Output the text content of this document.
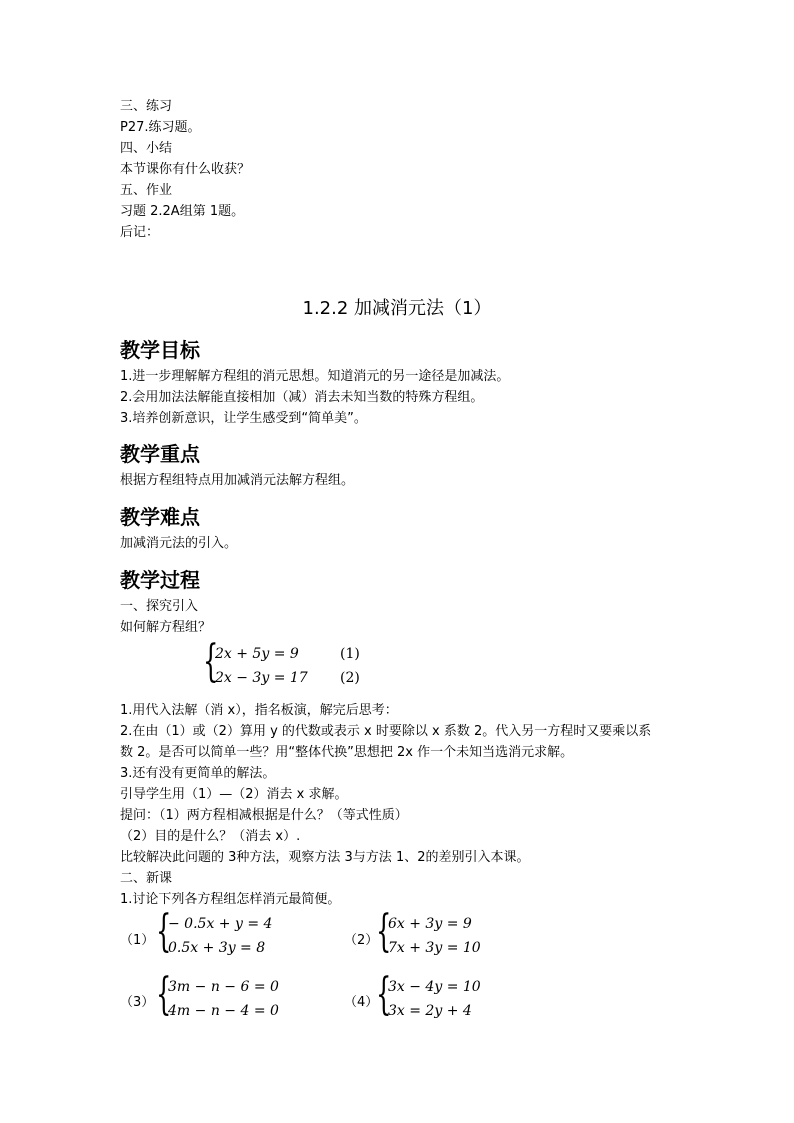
三、练习
P27.练习题。
四、小结
本节课你有什么收获？
五、作业
习题 2.2A组第 1题。
后记：
1.2.2 加减消元法（1）
教学目标
1.进一步理解解方程组的消元思想。知道消元的另一途径是加减法。
2.会用加法法解能直接相加（减）消去未知当数的特殊方程组。
3.培养创新意识，让学生感受到“简单美”。
教学重点
根据方程组特点用加减消元法解方程组。
教学难点
加减消元法的引入。
教学过程
一、探究引入
如何解方程组？
{
2x + 5y = 9
2x − 3y = 17
(1)
(2)
1.用代入法解（消 x），指名板演，解完后思考：
2.在由（1）或（2）算用 y 的代数或表示 x 时要除以 x 系数 2。代入另一方程时又要乘以系
数 2。是否可以简单一些？用“整体代换”思想把 2x 作一个未知当选消元求解。
3.还有没有更简单的解法。
引导学生用（1）—（2）消去 x 求解。
提问：（1）两方程相减根据是什么？（等式性质）
（2）目的是什么？（消去 x）.
比较解决此问题的 3种方法，观察方法 3与方法 1、2的差别引入本课。
二、新课
1.讨论下列各方程组怎样消元最简便。
（1） {
− 0.5x + y = 4
0.5x + 3y = 8	（2）
{
6x + 3y = 9
7x + 3y = 10
（3） {
3m − n − 6 = 0
4m − n − 4 = 0
（4）
{
3x − 4y = 10
3x = 2y + 4
